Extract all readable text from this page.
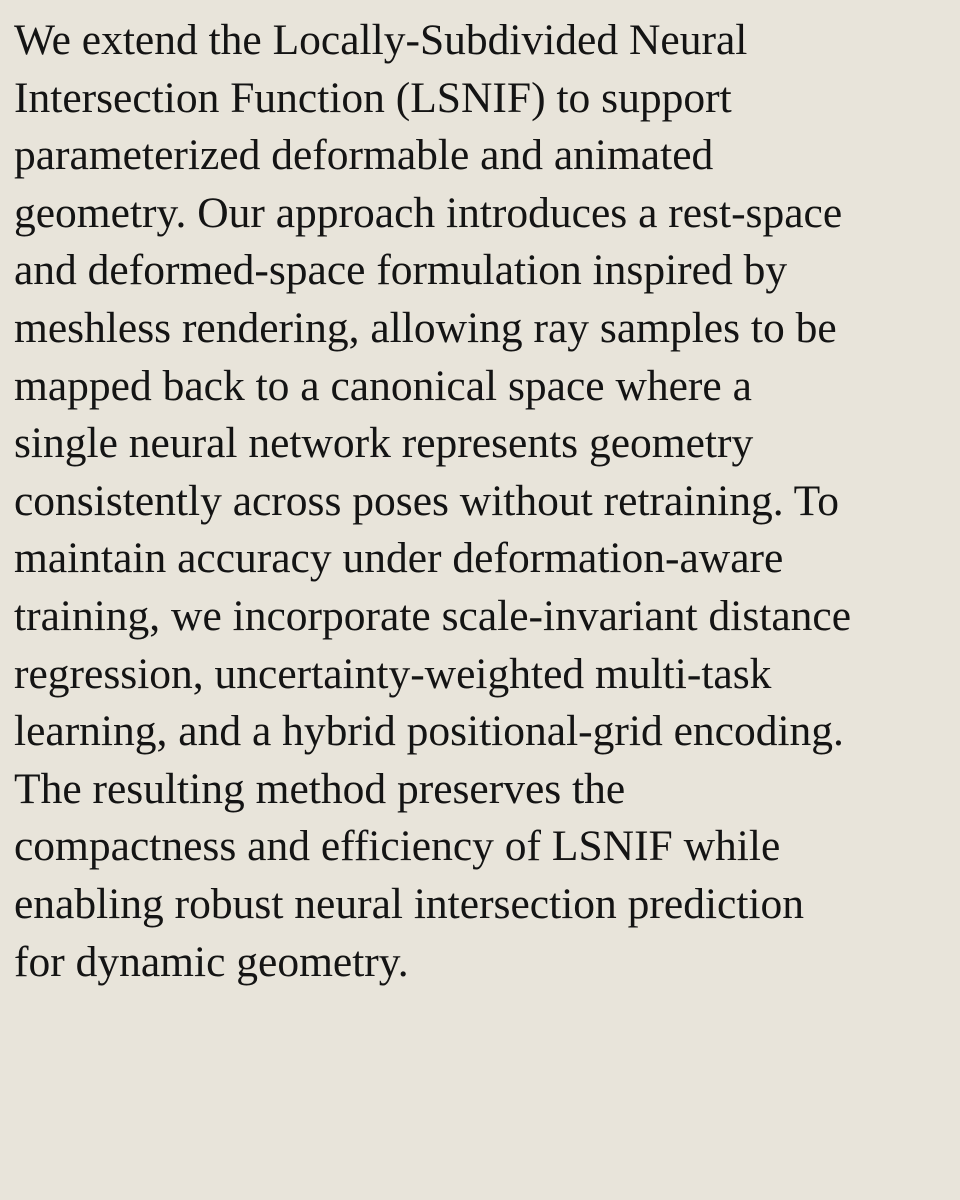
We extend the Locally-Subdivided Neural
Intersection Function (LSNIF) to support
parameterized deformable and animated
geometry. Our approach introduces a rest-space
and deformed-space formulation inspired by
meshless rendering, allowing ray samples to be
mapped back to a canonical space where a
single neural network represents geometry
consistently across poses without retraining. To
maintain accuracy under deformation-aware
training, we incorporate scale-invariant distance
regression, uncertainty-weighted multi-task
learning, and a hybrid positional-grid encoding.
The resulting method preserves the
compactness and efficiency of LSNIF while
enabling robust neural intersection prediction
for dynamic geometry.
